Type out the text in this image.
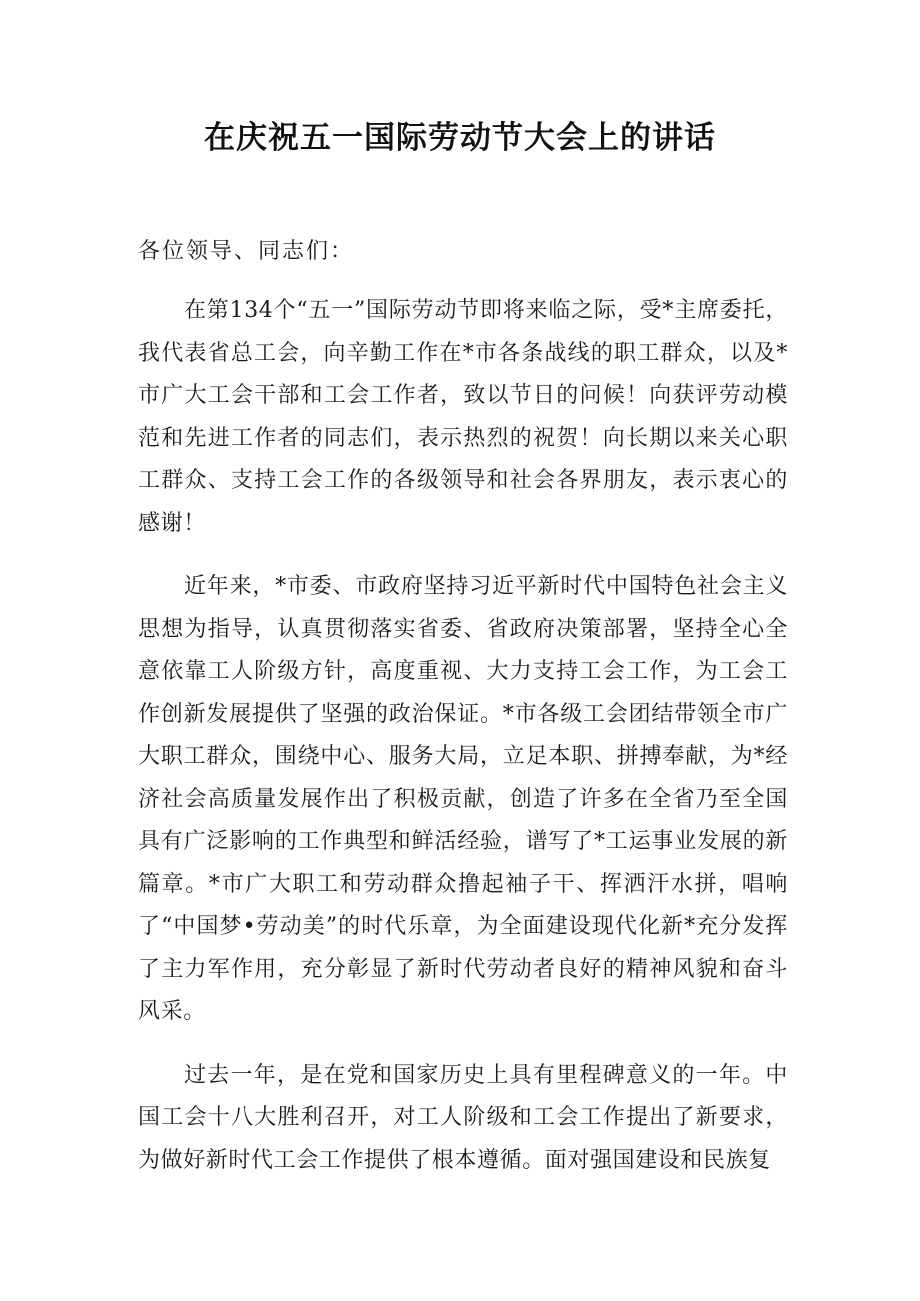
在庆祝五一国际劳动节大会上的讲话
各位领导、同志们：

在第134个“五一”国际劳动节即将来临之际，受*主席委托，我代表省总工会，向辛勤工作在*市各条战线的职工群众，以及*市广大工会干部和工会工作者，致以节日的问候！向获评劳动模范和先进工作者的同志们，表示热烈的祝贺！向长期以来关心职工群众、支持工会工作的各级领导和社会各界朋友，表示衷心的感谢！

近年来，*市委、市政府坚持习近平新时代中国特色社会主义思想为指导，认真贯彻落实省委、省政府决策部署，坚持全心全意依靠工人阶级方针，高度重视、大力支持工会工作，为工会工作创新发展提供了坚强的政治保证。*市各级工会团结带领全市广大职工群众，围绕中心、服务大局，立足本职、拼搏奉献，为*经济社会高质量发展作出了积极贡献，创造了许多在全省乃至全国具有广泛影响的工作典型和鲜活经验，谱写了*工运事业发展的新篇章。*市广大职工和劳动群众撸起袖子干、挥洒汗水拼，唱响了“中国梦•劳动美”的时代乐章，为全面建设现代化新*充分发挥了主力军作用，充分彰显了新时代劳动者良好的精神风貌和奋斗风采。

过去一年，是在党和国家历史上具有里程碑意义的一年。中国工会十八大胜利召开，对工人阶级和工会工作提出了新要求，为做好新时代工会工作提供了根本遵循。面对强国建设和民族复
